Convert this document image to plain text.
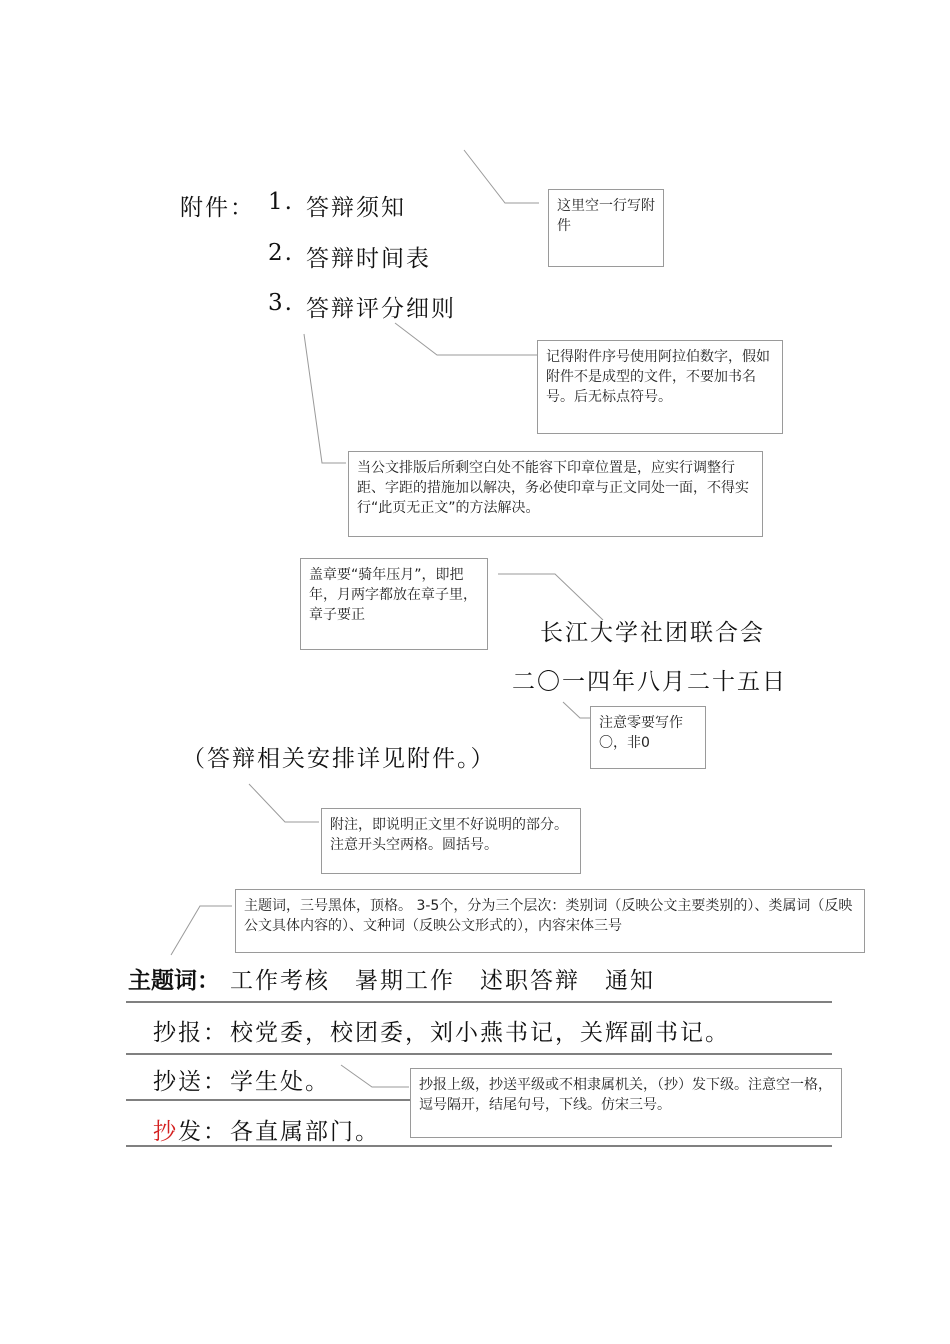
附件： 1. 答辩须知
2. 答辩时间表
3. 答辩评分细则
这里空一行写附件
记得附件序号使用阿拉伯数字，假如附件不是成型的文件，不要加书名号。后无标点符号。
当公文排版后所剩空白处不能容下印章位置是，应实行调整行距、字距的措施加以解决，务必使印章与正文同处一面，不得实行“此页无正文”的方法解决。
盖章要“骑年压月”，即把年，月两字都放在章子里，章子要正
长江大学社团联合会
二〇一四年八月二十五日
注意零要写作〇，非0
（答辩相关安排详见附件。）
附注，即说明正文里不好说明的部分。注意开头空两格。圆括号。
主题词，三号黑体，顶格。 3-5个，分为三个层次：类别词（反映公文主要类别的）、类属词（反映公文具体内容的）、文种词（反映公文形式的），内容宋体三号
主题词： 工作考核　暑期工作　述职答辩　通知
抄报： 校党委，校团委，刘小燕书记，关辉副书记。
抄送： 学生处。	抄报上级，抄送平级或不相隶属机关，（抄）发下级。注意空一格，逗号隔开，结尾句号，下线。仿宋三号。
抄发： 各直属部门。
